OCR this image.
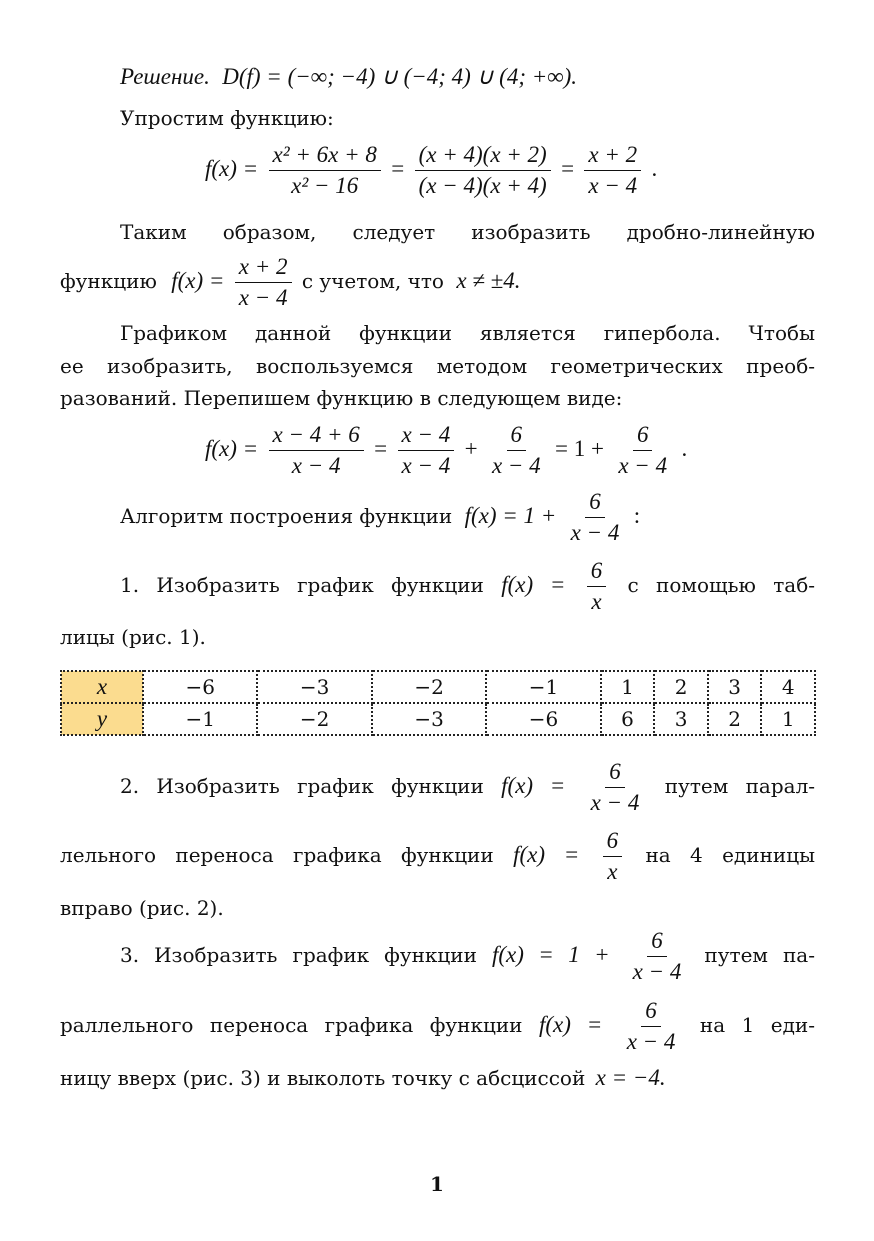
Решение. D(f) = (−∞; −4) ∪ (−4; 4) ∪ (4; +∞).
Упростим функцию:
$f(x) = \frac{\text{x² + 6x + 8}}{\text{x² − 16}} = \frac{(x + 4)(x + 2)}{(x - 4)(x + 4)} = \frac{x + 2}{x - 4}$ .
Таким образом, следует изобразить дробно-линейную
функцию $f(x) = \frac{x + 2}{x - 4}$ с учетом, что x ≠ ±4.
Графиком данной функции является гипербола. Чтобы
ее изобразить, воспользуемся методом геометрических преоб-
разований. Перепишем функцию в следующем виде:
$f(x) = \frac{x - 4 + 6}{x - 4} = \frac{x - 4}{x - 4} + \frac{6}{x - 4} = 1 + \frac{6}{x - 4}$ .
Алгоритм построения функции $f(x) = 1 + \frac{6}{x - 4}$ :
1. Изобразить график функции $f(x) = \frac{6}{x}$ с помощью таб-
лицы (рис. 1).
x	−6	−3	−2	−1	1	2	3	4
y	−1	−2	−3	−6	6	3	2	1
2. Изобразить график функции $f(x) = \frac{6}{x - 4}$ путем парал-
лельного переноса графика функции $f(x) = \frac{6}{x}$ на 4 единицы
вправо (рис. 2).
3. Изобразить график функции $f(x) = 1 + \frac{6}{x - 4}$ путем па-
раллельного переноса графика функции $f(x) = \frac{6}{x - 4}$ на 1 еди-
ницу вверх (рис. 3) и выколоть точку с абсциссой x = −4.
1
